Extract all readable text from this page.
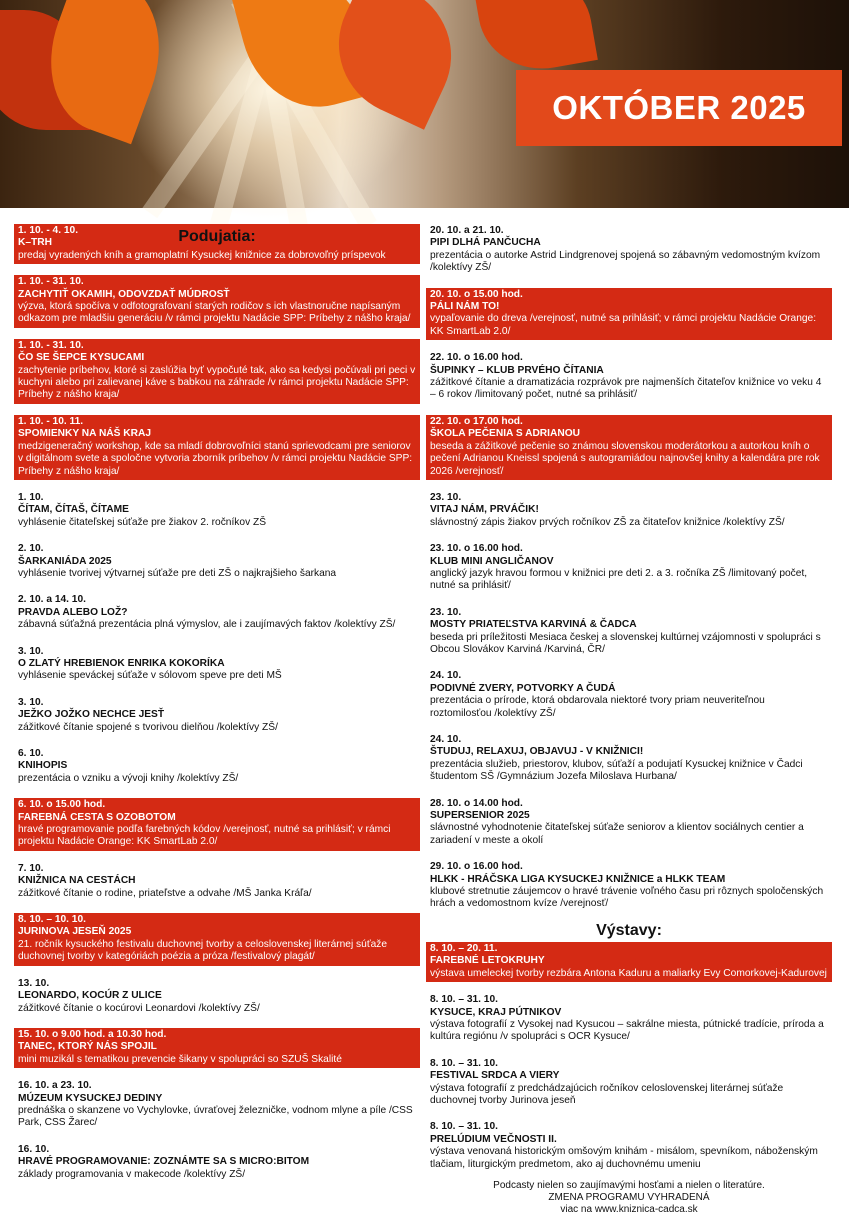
OKTÓBER 2025
Podujatia:
1. 10. - 4. 10.
K–TRH
predaj vyradených kníh a gramoplatní Kysuckej knižnice za dobrovoľný príspevok
1. 10. - 31. 10.
ZACHYTIŤ OKAMIH, ODOVZDAŤ MÚDROSŤ
výzva, ktorá spočíva v odfotografovaní starých rodičov s ich vlastnoručne napísaným odkazom pre mladšiu generáciu /v rámci projektu Nadácie SPP: Príbehy z nášho kraja/
1. 10. - 31. 10.
ČO SE ŠEPCE KYSUCAMI
zachytenie príbehov, ktoré si zaslúžia byť vypočuté tak, ako sa kedysi počúvali pri peci v kuchyni alebo pri zalievanej káve s babkou na záhrade /v rámci projektu Nadácie SPP: Príbehy z nášho kraja/
1. 10. - 10. 11.
SPOMIENKY NA NÁŠ KRAJ
medzigeneračný workshop, kde sa mladí dobrovoľníci stanú sprievodcami pre seniorov v digitálnom svete a spoločne vytvoria zborník príbehov /v rámci projektu Nadácie SPP: Príbehy z nášho kraja/
1. 10.
ČÍTAM, ČÍTAŠ, ČÍTAME
vyhlásenie čitateľskej súťaže pre žiakov 2. ročníkov ZŠ
2. 10.
ŠARKANIÁDA 2025
vyhlásenie tvorivej výtvarnej súťaže pre deti ZŠ o najkrajšieho šarkana
2. 10. a 14. 10.
PRAVDA ALEBO LOŽ?
zábavná súťažná prezentácia plná výmyslov, ale i zaujímavých faktov /kolektívy ZŠ/
3. 10.
O ZLATÝ HREBIENOK ENRIKA KOKORÍKA
vyhlásenie speváckej súťaže v sólovom speve pre deti MŠ
3. 10.
JEŽKO JOŽKO NECHCE JESŤ
zážitkové čítanie spojené s tvorivou dielňou /kolektívy ZŠ/
6. 10.
KNIHOPIS
prezentácia o vzniku a vývoji knihy /kolektívy ZŠ/
6. 10. o 15.00 hod.
FAREBNÁ CESTA S OZOBOTOM
hravé programovanie podľa farebných kódov /verejnosť, nutné sa prihlásiť; v rámci projektu Nadácie Orange: KK SmartLab 2.0/
7. 10.
KNIŽNICA NA CESTÁCH
zážitkové čítanie o rodine, priateľstve a odvahe /MŠ Janka Kráľa/
8. 10. – 10. 10.
JURINOVA JESEŇ 2025
21. ročník kysuckého festivalu duchovnej tvorby a celoslovenskej literárnej súťaže duchovnej tvorby v kategóriách poézia a próza /festivalový plagát/
13. 10.
LEONARDO, KOCÚR Z ULICE
zážitkové čítanie o kocúrovi Leonardovi /kolektívy ZŠ/
15. 10. o 9.00 hod. a 10.30 hod.
TANEC, KTORÝ NÁS SPOJIL
mini muzikál s tematikou prevencie šikany v spolupráci so SZUŠ Skalité
16. 10. a 23. 10.
MÚZEUM KYSUCKEJ DEDINY
prednáška o skanzene vo Vychylovke, úvraťovej železničke, vodnom mlyne a píle /CSS Park, CSS Žarec/
16. 10.
HRAVÉ PROGRAMOVANIE: ZOZNÁMTE SA S MICRO:BITOM
základy programovania v makecode /kolektívy ZŠ/
20. 10. a 21. 10.
PIPI DLHÁ PANČUCHA
prezentácia o autorke Astrid Lindgrenovej spojená so zábavným vedomostným kvízom /kolektívy ZŠ/
20. 10. o 15.00 hod.
PÁLI NÁM TO!
vypaľovanie do dreva /verejnosť, nutné sa prihlásiť; v rámci projektu Nadácie Orange: KK SmartLab 2.0/
22. 10. o 16.00 hod.
ŠUPINKY – KLUB PRVÉHO ČÍTANIA
zážitkové čítanie a dramatizácia rozprávok pre najmenších čitateľov knižnice vo veku 4 – 6 rokov /limitovaný počet, nutné sa prihlásiť/
22. 10. o 17.00 hod.
ŠKOLA PEČENIA S ADRIANOU
beseda a zážitkové pečenie so známou slovenskou moderátorkou a autorkou kníh o pečení Adrianou Kneissl spojená s autogramiádou najnovšej knihy a kalendára pre rok 2026 /verejnosť/
23. 10.
VITAJ NÁM, PRVÁČIK!
slávnostný zápis žiakov prvých ročníkov ZŠ za čitateľov knižnice /kolektívy ZŠ/
23. 10. o 16.00 hod.
KLUB MINI ANGLIČANOV
anglický jazyk hravou formou v knižnici pre deti 2. a 3. ročníka ZŠ /limitovaný počet, nutné sa prihlásiť/
23. 10.
MOSTY PRIATEĽSTVA KARVINÁ & ČADCA
beseda pri príležitosti Mesiaca českej a slovenskej kultúrnej vzájomnosti v spolupráci s Obcou Slovákov Karviná /Karviná, ČR/
24. 10.
PODIVNÉ ZVERY, POTVORKY A ČUDÁ
prezentácia o prírode, ktorá obdarovala niektoré tvory priam neuveriteľnou roztomilosťou /kolektívy ZŠ/
24. 10.
ŠTUDUJ, RELAXUJ, OBJAVUJ - V KNIŽNICI!
prezentácia služieb, priestorov, klubov, súťaží a podujatí Kysuckej knižnice v Čadci študentom SŠ /Gymnázium Jozefa Miloslava Hurbana/
28. 10. o 14.00 hod.
SUPERSENIOR 2025
slávnostné vyhodnotenie čitateľskej súťaže seniorov a klientov sociálnych centier a zariadení v meste a okolí
29. 10. o 16.00 hod.
HLKK - HRÁČSKA LIGA KYSUCKEJ KNIŽNICE a HLKK TEAM
klubové stretnutie záujemcov o hravé trávenie voľného času pri rôznych spoločenských hrách a vedomostnom kvíze /verejnosť/
Výstavy:
8. 10. – 20. 11.
FAREBNÉ LETOKRUHY
výstava umeleckej tvorby rezbára Antona Kaduru a maliarky Evy Comorkovej-Kadurovej
8. 10. – 31. 10.
KYSUCE, KRAJ PÚTNIKOV
výstava fotografií z Vysokej nad Kysucou – sakrálne miesta, pútnické tradície, príroda a kultúra regiónu /v spolupráci s OCR Kysuce/
8. 10. – 31. 10.
FESTIVAL SRDCA A VIERY
výstava fotografií z predchádzajúcich ročníkov celoslovenskej literárnej súťaže duchovnej tvorby Jurinova jeseň
8. 10. – 31. 10.
PRELÚDIUM VEČNOSTI II.
výstava venovaná historickým omšovým knihám - misálom, spevníkom, náboženským tlačiam, liturgickým predmetom, ako aj duchovnému umeniu
Podcasty nielen so zaujímavými hosťami a nielen o literatúre.
ZMENA PROGRAMU VYHRADENÁ
viac na www.kniznica-cadca.sk
